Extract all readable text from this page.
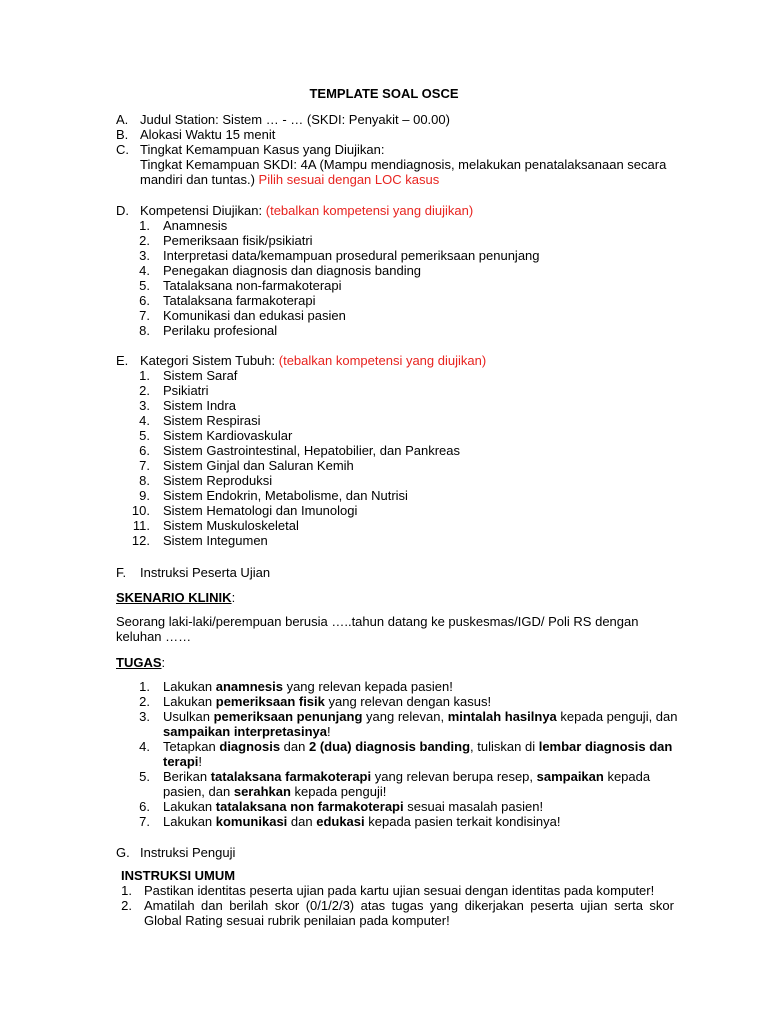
TEMPLATE SOAL OSCE
A. Judul Station: Sistem … - … (SKDI: Penyakit – 00.00)
B. Alokasi Waktu 15 menit
C. Tingkat Kemampuan Kasus yang Diujikan:
Tingkat Kemampuan SKDI: 4A (Mampu mendiagnosis, melakukan penatalaksanaan secara
mandiri dan tuntas.) Pilih sesuai dengan LOC kasus
D. Kompetensi Diujikan: (tebalkan kompetensi yang diujikan)
1. Anamnesis
2. Pemeriksaan fisik/psikiatri
3. Interpretasi data/kemampuan prosedural pemeriksaan penunjang
4. Penegakan diagnosis dan diagnosis banding
5. Tatalaksana non-farmakoterapi
6. Tatalaksana farmakoterapi
7. Komunikasi dan edukasi pasien
8. Perilaku profesional
E. Kategori Sistem Tubuh: (tebalkan kompetensi yang diujikan)
1. Sistem Saraf
2. Psikiatri
3. Sistem Indra
4. Sistem Respirasi
5. Sistem Kardiovaskular
6. Sistem Gastrointestinal, Hepatobilier, dan Pankreas
7. Sistem Ginjal dan Saluran Kemih
8. Sistem Reproduksi
9. Sistem Endokrin, Metabolisme, dan Nutrisi
10. Sistem Hematologi dan Imunologi
11. Sistem Muskuloskeletal
12. Sistem Integumen
F. Instruksi Peserta Ujian
SKENARIO KLINIK:
Seorang laki-laki/perempuan berusia …..tahun datang ke puskesmas/IGD/ Poli RS dengan
keluhan ……
TUGAS:
1. Lakukan anamnesis yang relevan kepada pasien!
2. Lakukan pemeriksaan fisik yang relevan dengan kasus!
3. Usulkan pemeriksaan penunjang yang relevan, mintalah hasilnya kepada penguji, dan
sampaikan interpretasinya!
4. Tetapkan diagnosis dan 2 (dua) diagnosis banding, tuliskan di lembar diagnosis dan
terapi!
5. Berikan tatalaksana farmakoterapi yang relevan berupa resep, sampaikan kepada
pasien, dan serahkan kepada penguji!
6. Lakukan tatalaksana non farmakoterapi sesuai masalah pasien!
7. Lakukan komunikasi dan edukasi kepada pasien terkait kondisinya!
G. Instruksi Penguji
INSTRUKSI UMUM
1. Pastikan identitas peserta ujian pada kartu ujian sesuai dengan identitas pada komputer!
2. Amatilah dan berilah skor (0/1/2/3) atas tugas yang dikerjakan peserta ujian serta skor
Global Rating sesuai rubrik penilaian pada komputer!
